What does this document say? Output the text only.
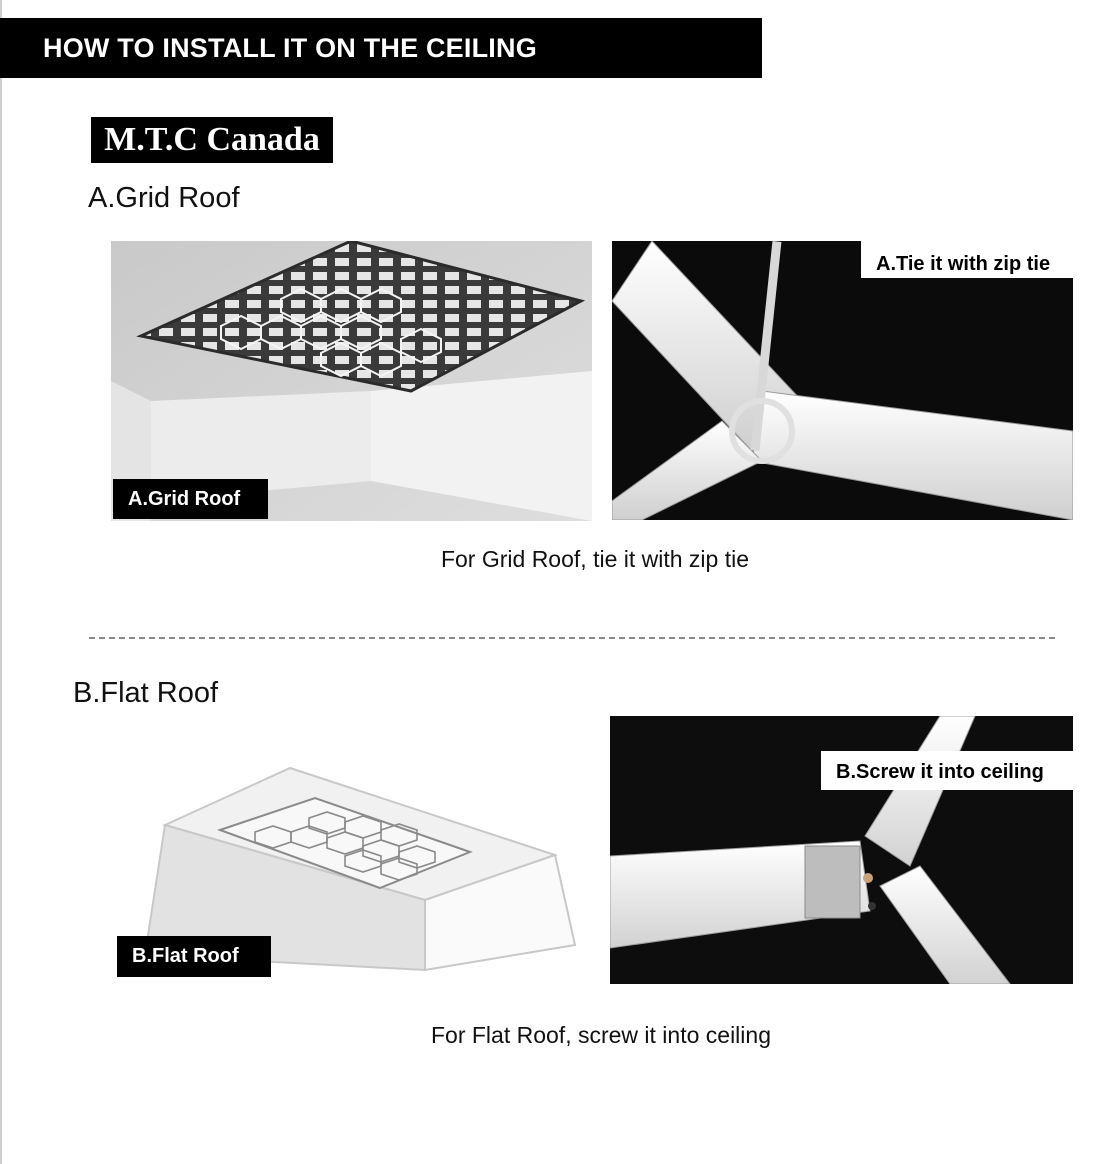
HOW TO INSTALL IT ON THE CEILING
M.T.C Canada
A.Grid Roof
A.Grid Roof
A.Tie it with zip tie
For Grid Roof, tie it with zip tie
B.Flat Roof
B.Flat Roof
B.Screw it into ceiling
For Flat Roof, screw it into ceiling
